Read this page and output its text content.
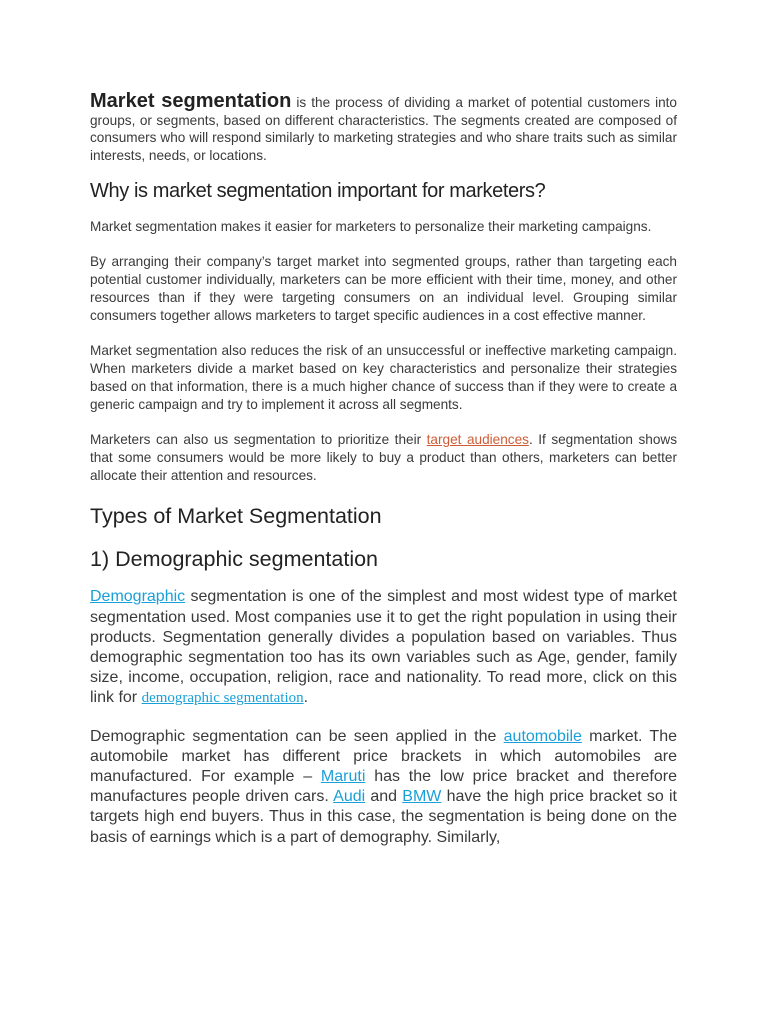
Market segmentation is the process of dividing a market of potential customers into groups, or segments, based on different characteristics. The segments created are composed of consumers who will respond similarly to marketing strategies and who share traits such as similar interests, needs, or locations.

Why is market segmentation important for marketers?

Market segmentation makes it easier for marketers to personalize their marketing campaigns.

By arranging their company’s target market into segmented groups, rather than targeting each potential customer individually, marketers can be more efficient with their time, money, and other resources than if they were targeting consumers on an individual level. Grouping similar consumers together allows marketers to target specific audiences in a cost effective manner.

Market segmentation also reduces the risk of an unsuccessful or ineffective marketing campaign. When marketers divide a market based on key characteristics and personalize their strategies based on that information, there is a much higher chance of success than if they were to create a generic campaign and try to implement it across all segments.

Marketers can also us segmentation to prioritize their target audiences. If segmentation shows that some consumers would be more likely to buy a product than others, marketers can better allocate their attention and resources.

Types of Market Segmentation
1) Demographic segmentation

Demographic segmentation is one of the simplest and most widest type of market segmentation used. Most companies use it to get the right population in using their products. Segmentation generally divides a population based on variables. Thus demographic segmentation too has its own variables such as Age, gender, family size, income, occupation, religion, race and nationality. To read more, click on this link for demographic segmentation.

Demographic segmentation can be seen applied in the automobile market. The automobile market has different price brackets in which automobiles are manufactured. For example – Maruti has the low price bracket and therefore manufactures people driven cars. Audi and BMW have the high price bracket so it targets high end buyers. Thus in this case, the segmentation is being done on the basis of earnings which is a part of demography. Similarly,
